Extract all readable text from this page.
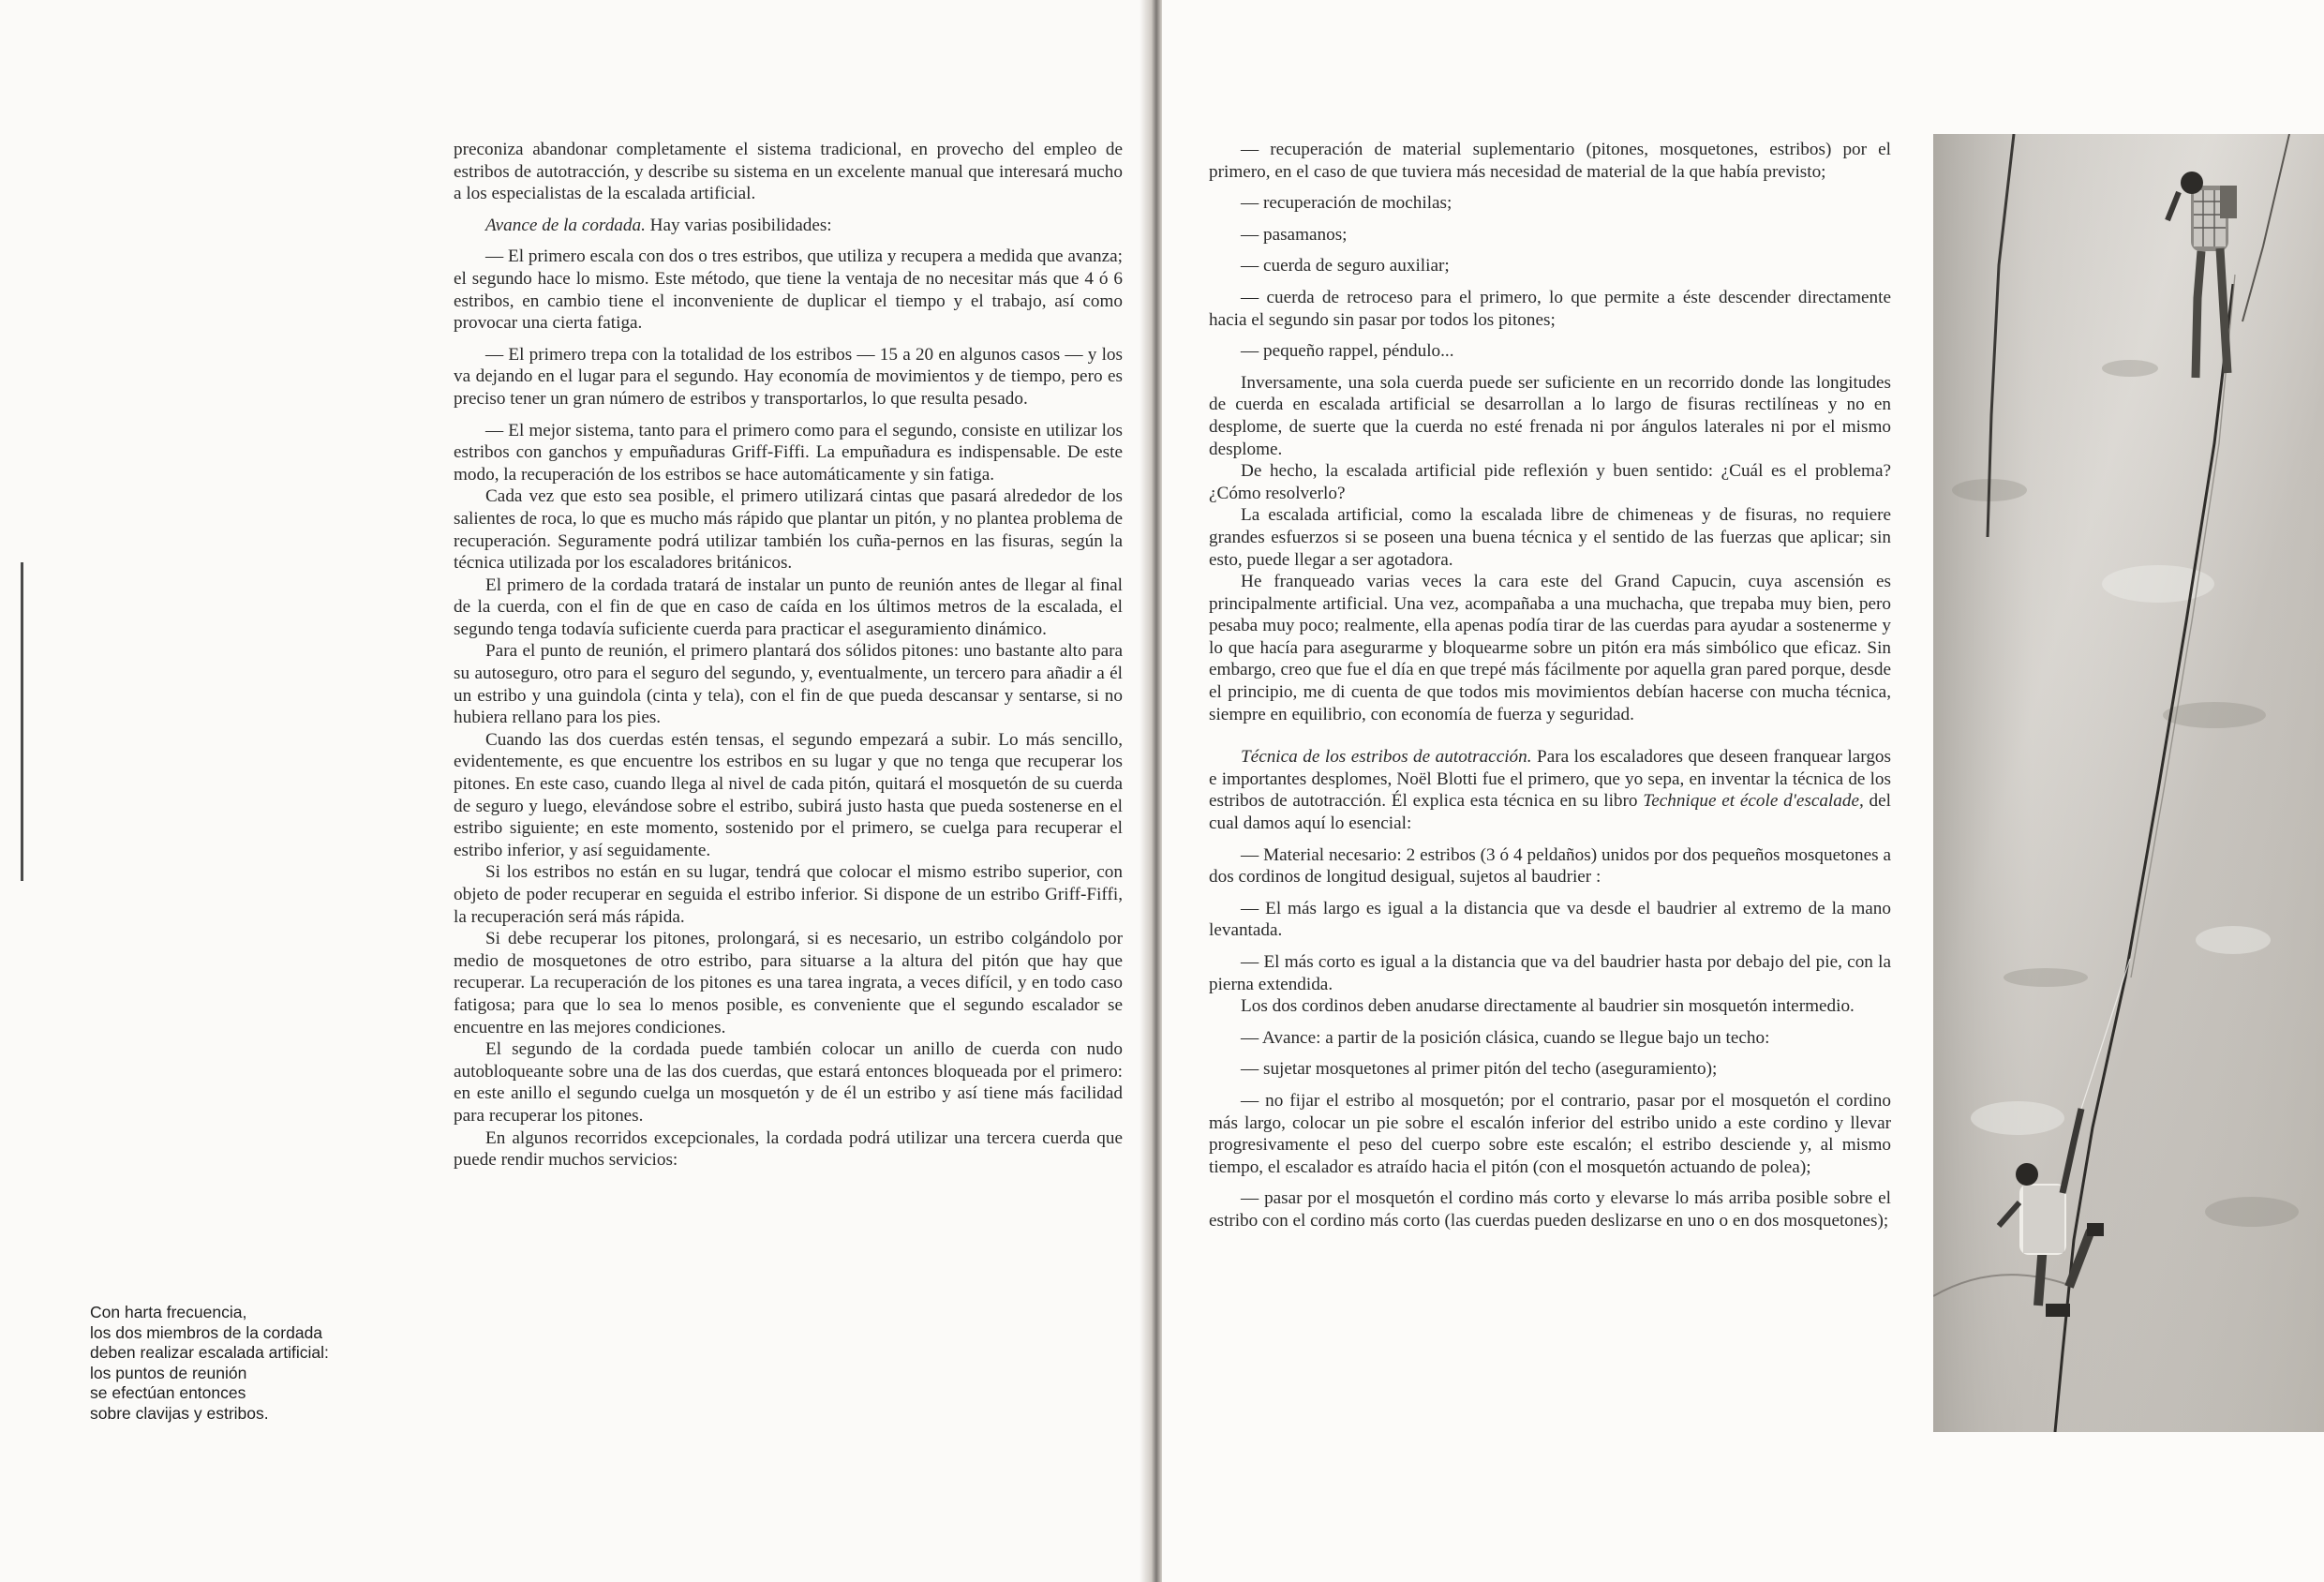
Con harta frecuencia,
los dos miembros de la cordada
deben realizar escalada artificial:
los puntos de reunión
se efectúan entonces
sobre clavijas y estribos.

preconiza abandonar completamente el sistema tradicional, en provecho del empleo de estribos de autotracción, y describe su sistema en un excelente manual que interesará mucho a los especialistas de la escalada artificial.

Avance de la cordada. Hay varias posibilidades:

— El primero escala con dos o tres estribos, que utiliza y recupera a medida que avanza; el segundo hace lo mismo. Este método, que tiene la ventaja de no necesitar más que 4 ó 6 estribos, en cambio tiene el inconveniente de duplicar el tiempo y el trabajo, así como provocar una cierta fatiga.

— El primero trepa con la totalidad de los estribos — 15 a 20 en algunos casos — y los va dejando en el lugar para el segundo. Hay economía de movimientos y de tiempo, pero es preciso tener un gran número de estribos y transportarlos, lo que resulta pesado.

— El mejor sistema, tanto para el primero como para el segundo, consiste en utilizar los estribos con ganchos y empuñaduras Griff-Fiffi. La empuñadura es indispensable. De este modo, la recuperación de los estribos se hace automáticamente y sin fatiga.

Cada vez que esto sea posible, el primero utilizará cintas que pasará alrededor de los salientes de roca, lo que es mucho más rápido que plantar un pitón, y no plantea problema de recuperación. Seguramente podrá utilizar también los cuña-pernos en las fisuras, según la técnica utilizada por los escaladores británicos.

El primero de la cordada tratará de instalar un punto de reunión antes de llegar al final de la cuerda, con el fin de que en caso de caída en los últimos metros de la escalada, el segundo tenga todavía suficiente cuerda para practicar el aseguramiento dinámico.

Para el punto de reunión, el primero plantará dos sólidos pitones: uno bastante alto para su autoseguro, otro para el seguro del segundo, y, eventualmente, un tercero para añadir a él un estribo y una guindola (cinta y tela), con el fin de que pueda descansar y sentarse, si no hubiera rellano para los pies.

Cuando las dos cuerdas estén tensas, el segundo empezará a subir. Lo más sencillo, evidentemente, es que encuentre los estribos en su lugar y que no tenga que recuperar los pitones. En este caso, cuando llega al nivel de cada pitón, quitará el mosquetón de su cuerda de seguro y luego, elevándose sobre el estribo, subirá justo hasta que pueda sostenerse en el estribo siguiente; en este momento, sostenido por el primero, se cuelga para recuperar el estribo inferior, y así seguidamente.

Si los estribos no están en su lugar, tendrá que colocar el mismo estribo superior, con objeto de poder recuperar en seguida el estribo inferior. Si dispone de un estribo Griff-Fiffi, la recuperación será más rápida.

Si debe recuperar los pitones, prolongará, si es necesario, un estribo colgándolo por medio de mosquetones de otro estribo, para situarse a la altura del pitón que hay que recuperar. La recuperación de los pitones es una tarea ingrata, a veces difícil, y en todo caso fatigosa; para que lo sea lo menos posible, es conveniente que el segundo escalador se encuentre en las mejores condiciones.

El segundo de la cordada puede también colocar un anillo de cuerda con nudo autobloqueante sobre una de las dos cuerdas, que estará entonces bloqueada por el primero: en este anillo el segundo cuelga un mosquetón y de él un estribo y así tiene más facilidad para recuperar los pitones.

En algunos recorridos excepcionales, la cordada podrá utilizar una tercera cuerda que puede rendir muchos servicios:

— recuperación de material suplementario (pitones, mosquetones, estribos) por el primero, en el caso de que tuviera más necesidad de material de la que había previsto;

— recuperación de mochilas;

— pasamanos;

— cuerda de seguro auxiliar;

— cuerda de retroceso para el primero, lo que permite a éste descender directamente hacia el segundo sin pasar por todos los pitones;

— pequeño rappel, péndulo...

Inversamente, una sola cuerda puede ser suficiente en un recorrido donde las longitudes de cuerda en escalada artificial se desarrollan a lo largo de fisuras rectilíneas y no en desplome, de suerte que la cuerda no esté frenada ni por ángulos laterales ni por el mismo desplome.

De hecho, la escalada artificial pide reflexión y buen sentido: ¿Cuál es el problema? ¿Cómo resolverlo?

La escalada artificial, como la escalada libre de chimeneas y de fisuras, no requiere grandes esfuerzos si se poseen una buena técnica y el sentido de las fuerzas que aplicar; sin esto, puede llegar a ser agotadora.

He franqueado varias veces la cara este del Grand Capucin, cuya ascensión es principalmente artificial. Una vez, acompañaba a una muchacha, que trepaba muy bien, pero pesaba muy poco; realmente, ella apenas podía tirar de las cuerdas para ayudar a sostenerme y lo que hacía para asegurarme y bloquearme sobre un pitón era más simbólico que eficaz. Sin embargo, creo que fue el día en que trepé más fácilmente por aquella gran pared porque, desde el principio, me di cuenta de que todos mis movimientos debían hacerse con mucha técnica, siempre en equilibrio, con economía de fuerza y seguridad.

Técnica de los estribos de autotracción. Para los escaladores que deseen franquear largos e importantes desplomes, Noël Blotti fue el primero, que yo sepa, en inventar la técnica de los estribos de autotracción. Él explica esta técnica en su libro Technique et école d'escalade, del cual damos aquí lo esencial:

— Material necesario: 2 estribos (3 ó 4 peldaños) unidos por dos pequeños mosquetones a dos cordinos de longitud desigual, sujetos al baudrier :

— El más largo es igual a la distancia que va desde el baudrier al extremo de la mano levantada.

— El más corto es igual a la distancia que va del baudrier hasta por debajo del pie, con la pierna extendida.

Los dos cordinos deben anudarse directamente al baudrier sin mosquetón intermedio.

— Avance: a partir de la posición clásica, cuando se llegue bajo un techo:

— sujetar mosquetones al primer pitón del techo (aseguramiento);

— no fijar el estribo al mosquetón; por el contrario, pasar por el mosquetón el cordino más largo, colocar un pie sobre el escalón inferior del estribo unido a este cordino y llevar progresivamente el peso del cuerpo sobre este escalón; el estribo desciende y, al mismo tiempo, el escalador es atraído hacia el pitón (con el mosquetón actuando de polea);

— pasar por el mosquetón el cordino más corto y elevarse lo más arriba posible sobre el estribo con el cordino más corto (las cuerdas pueden deslizarse en uno o en dos mosquetones);
